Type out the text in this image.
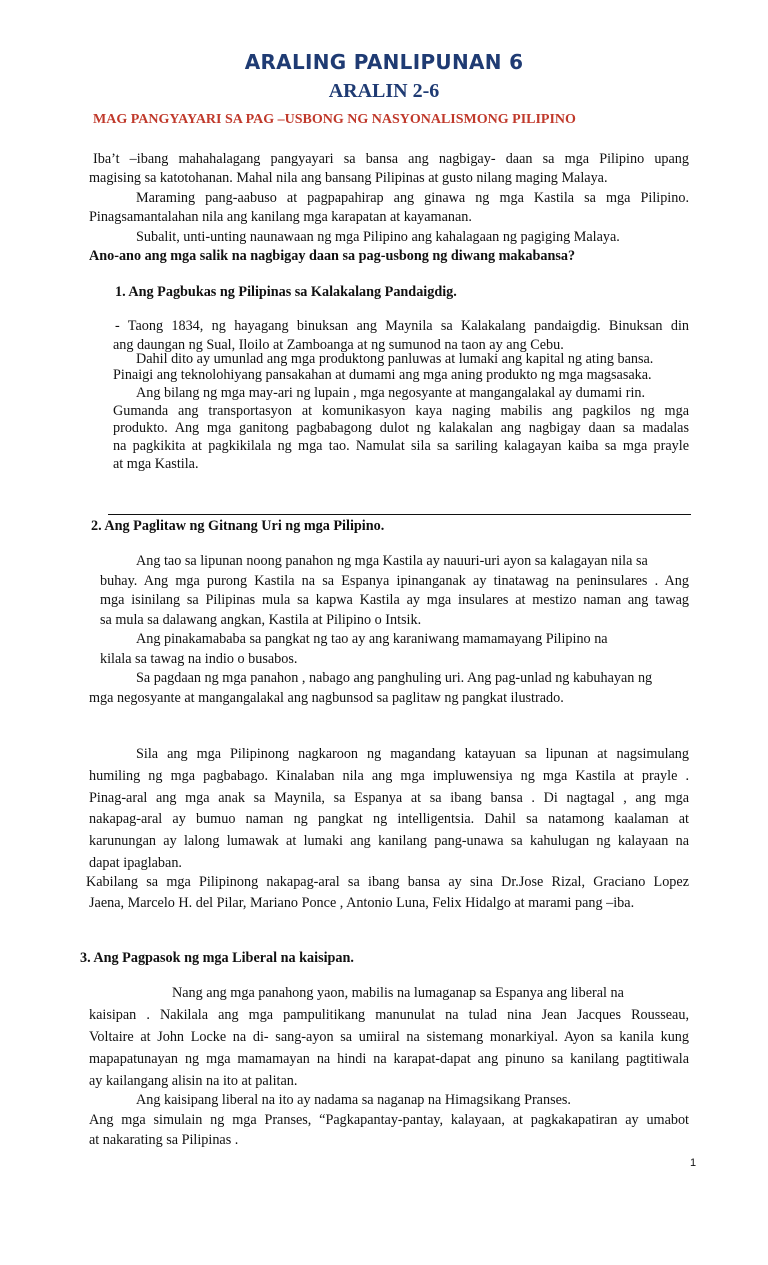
ARALING PANLIPUNAN 6
ARALIN 2-6
MAG PANGYAYARI SA PAG –USBONG NG NASYONALISMONG PILIPINO
Iba’t –ibang mahahalagang pangyayari sa bansa ang nagbigay- daan sa mga Pilipino upang
magising sa katotohanan. Mahal nila ang bansang Pilipinas at gusto nilang maging Malaya.
Maraming pang-aabuso at pagpapahirap ang ginawa ng mga Kastila sa mga Pilipino.
Pinagsamantalahan nila ang kanilang mga karapatan at kayamanan.
Subalit, unti-unting naunawaan ng mga Pilipino ang kahalagaan ng pagiging Malaya.
Ano-ano ang mga salik na nagbigay daan sa pag-usbong ng diwang makabansa?
1. Ang Pagbukas ng Pilipinas sa Kalakalang Pandaigdig.
- Taong 1834, ng hayagang binuksan ang Maynila sa Kalakalang pandaigdig. Binuksan din
ang daungan ng Sual, Iloilo at Zamboanga at ng sumunod na taon ay ang Cebu.
Dahil dito ay umunlad ang mga produktong panluwas at lumaki ang kapital ng ating bansa.
Pinaigi ang teknolohiyang pansakahan at dumami ang mga aning produkto ng mga magsasaka.
Ang bilang ng mga may-ari ng lupain , mga negosyante at mangangalakal ay dumami rin.
Gumanda ang transportasyon at komunikasyon kaya naging mabilis ang pagkilos ng mga
produkto. Ang mga ganitong pagbabagong dulot ng kalakalan ang nagbigay daan sa madalas
na pagkikita at pagkikilala ng mga tao. Namulat sila sa sariling kalagayan kaiba sa mga prayle
at mga Kastila.
2. Ang Paglitaw ng Gitnang Uri ng mga Pilipino.
Ang tao sa lipunan noong panahon ng mga Kastila ay nauuri-uri ayon sa kalagayan nila sa
buhay. Ang mga purong Kastila na sa Espanya ipinanganak ay tinatawag na peninsulares . Ang
mga isinilang sa Pilipinas mula sa kapwa Kastila ay mga insulares at mestizo naman ang tawag
sa mula sa dalawang angkan, Kastila at Pilipino o Intsik.
Ang pinakamababa sa pangkat ng tao ay ang karaniwang mamamayang Pilipino na
kilala sa tawag na indio o busabos.
Sa pagdaan ng mga panahon , nabago ang panghuling uri. Ang pag-unlad ng kabuhayan ng
mga negosyante at mangangalakal ang nagbunsod sa paglitaw ng pangkat ilustrado.
Sila ang mga Pilipinong nagkaroon ng magandang katayuan sa lipunan at nagsimulang
humiling ng mga pagbabago. Kinalaban nila ang mga impluwensiya ng mga Kastila at prayle .
Pinag-aral ang mga anak sa Maynila, sa Espanya at sa ibang bansa . Di nagtagal , ang mga
nakapag-aral ay bumuo naman ng pangkat ng intelligentsia. Dahil sa natamong kaalaman at
karunungan ay lalong lumawak at lumaki ang kanilang pang-unawa sa kahulugan ng kalayaan na
dapat ipaglaban.
Kabilang sa mga Pilipinong nakapag-aral sa ibang bansa ay sina Dr.Jose Rizal, Graciano Lopez
Jaena, Marcelo H. del Pilar, Mariano Ponce , Antonio Luna, Felix Hidalgo at marami pang –iba.
3. Ang Pagpasok ng mga Liberal na kaisipan.
Nang ang mga panahong yaon, mabilis na lumaganap sa Espanya ang liberal na
kaisipan . Nakilala ang mga pampulitikang manunulat na tulad nina Jean Jacques Rousseau,
Voltaire at John Locke na di- sang-ayon sa umiiral na sistemang monarkiyal. Ayon sa kanila kung
mapapatunayan ng mga mamamayan na hindi na karapat-dapat ang pinuno sa kanilang pagtitiwala
ay kailangang alisin na ito at palitan.
Ang kaisipang liberal na ito ay nadama sa naganap na Himagsikang Pranses.
Ang mga simulain ng mga Pranses, “Pagkapantay-pantay, kalayaan, at pagkakapatiran ay umabot
at nakarating sa Pilipinas .
1
